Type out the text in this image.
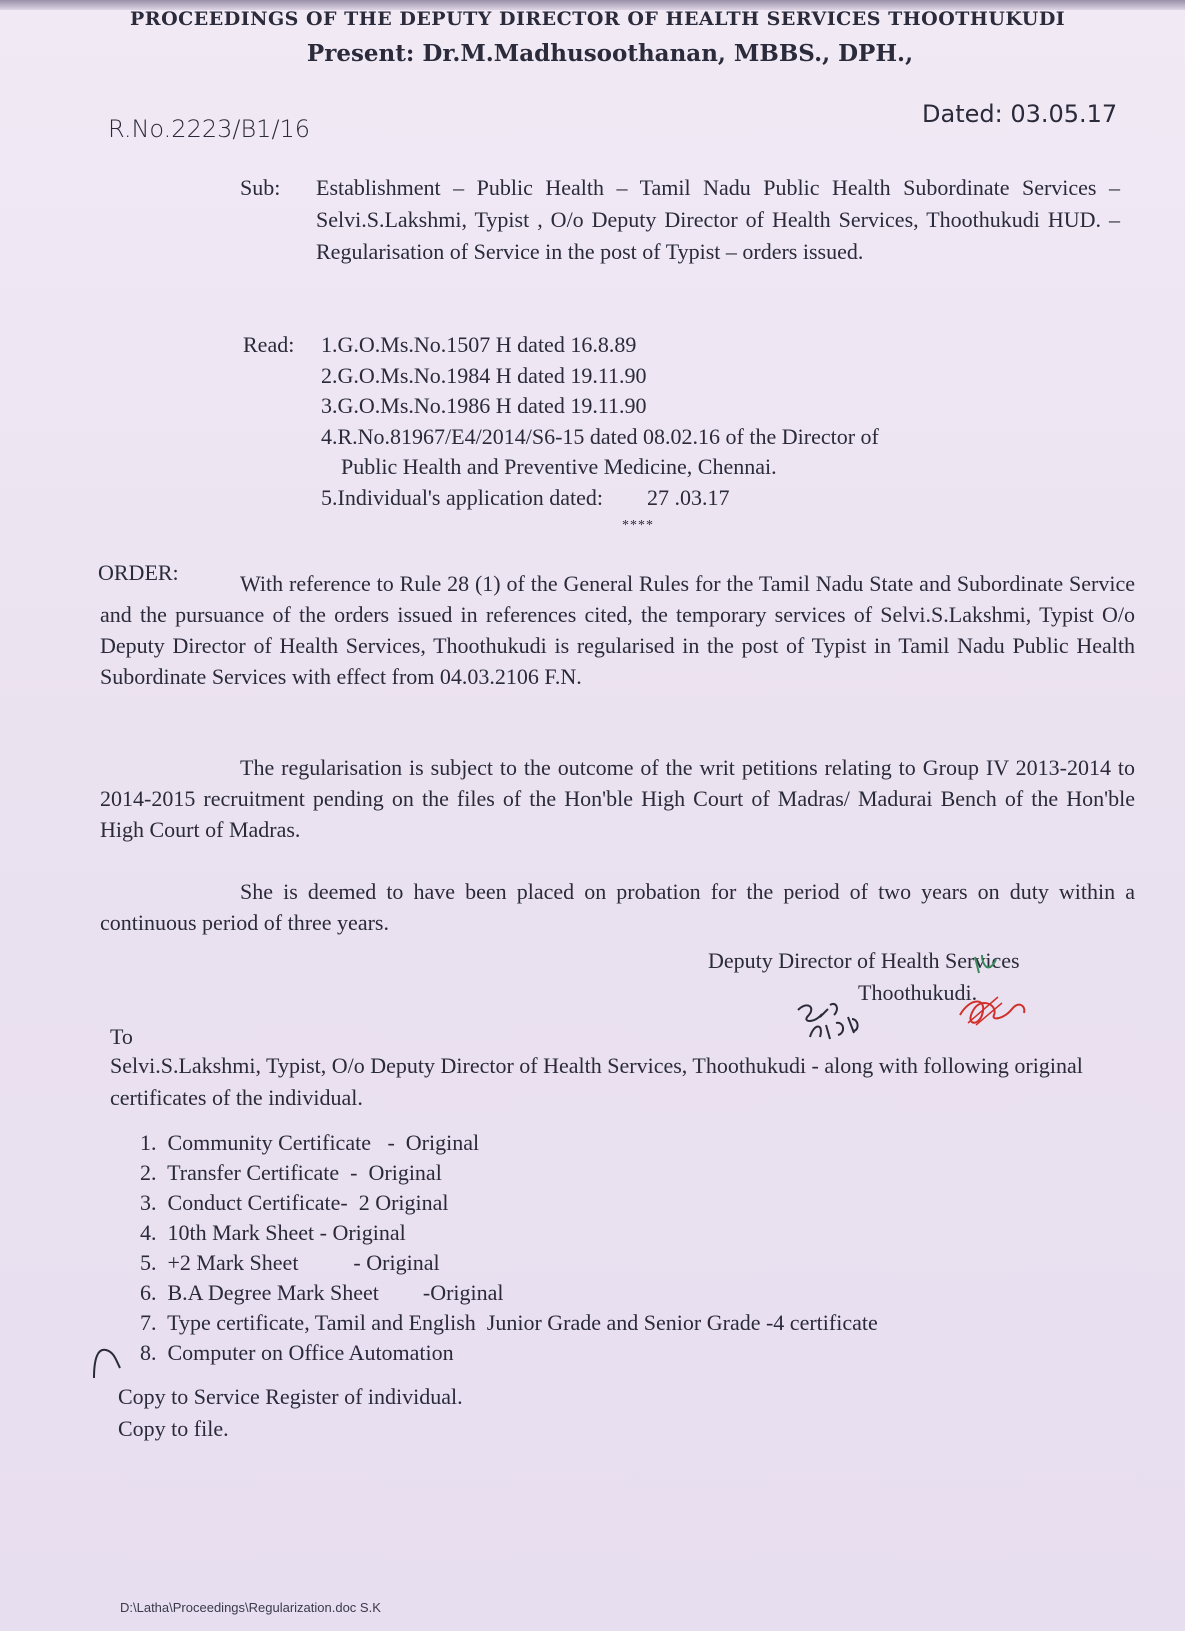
PROCEEDINGS OF THE DEPUTY DIRECTOR OF HEALTH SERVICES THOOTHUKUDI
Present: Dr.M.Madhusoothanan, MBBS., DPH.,
R.No.2223/B1/16
Dated: 03.05.17
Sub:	Establishment – Public Health – Tamil Nadu Public Health Subordinate Services – Selvi.S.Lakshmi, Typist , O/o Deputy Director of Health Services, Thoothukudi HUD. – Regularisation of Service in the post of Typist – orders issued.
Read:	1.G.O.Ms.No.1507 H dated 16.8.89
2.G.O.Ms.No.1984 H dated 19.11.90
3.G.O.Ms.No.1986 H dated 19.11.90
4.R.No.81967/E4/2014/S6-15 dated 08.02.16 of the Director of
Public Health and Preventive Medicine, Chennai.
5.Individual's application dated:        27 .03.17
****
ORDER:	With reference to Rule 28 (1) of the General Rules for the Tamil Nadu State and Subordinate Service and the pursuance of the orders issued in references cited, the temporary services of Selvi.S.Lakshmi, Typist O/o Deputy Director of Health Services, Thoothukudi is regularised in the post of Typist in Tamil Nadu Public Health Subordinate Services with effect from 04.03.2106 F.N.
The regularisation is subject to the outcome of the writ petitions relating to Group IV 2013-2014 to 2014-2015 recruitment pending on the files of the Hon'ble High Court of Madras/ Madurai Bench of the Hon'ble High Court of Madras.
She is deemed to have been placed on probation for the period of two years on duty within a continuous period of three years.
Deputy Director of Health Services
Thoothukudi.
To
Selvi.S.Lakshmi, Typist, O/o Deputy Director of Health Services, Thoothukudi - along with following original certificates of the individual.
1.  Community Certificate   -  Original
2.  Transfer Certificate  -  Original
3.  Conduct Certificate-  2 Original
4.  10th Mark Sheet - Original
5.  +2 Mark Sheet          - Original
6.  B.A Degree Mark Sheet        -Original
7.  Type certificate, Tamil and English  Junior Grade and Senior Grade -4 certificate
8.  Computer on Office Automation
Copy to Service Register of individual.
Copy to file.
D:\Latha\Proceedings\Regularization.doc S.K
